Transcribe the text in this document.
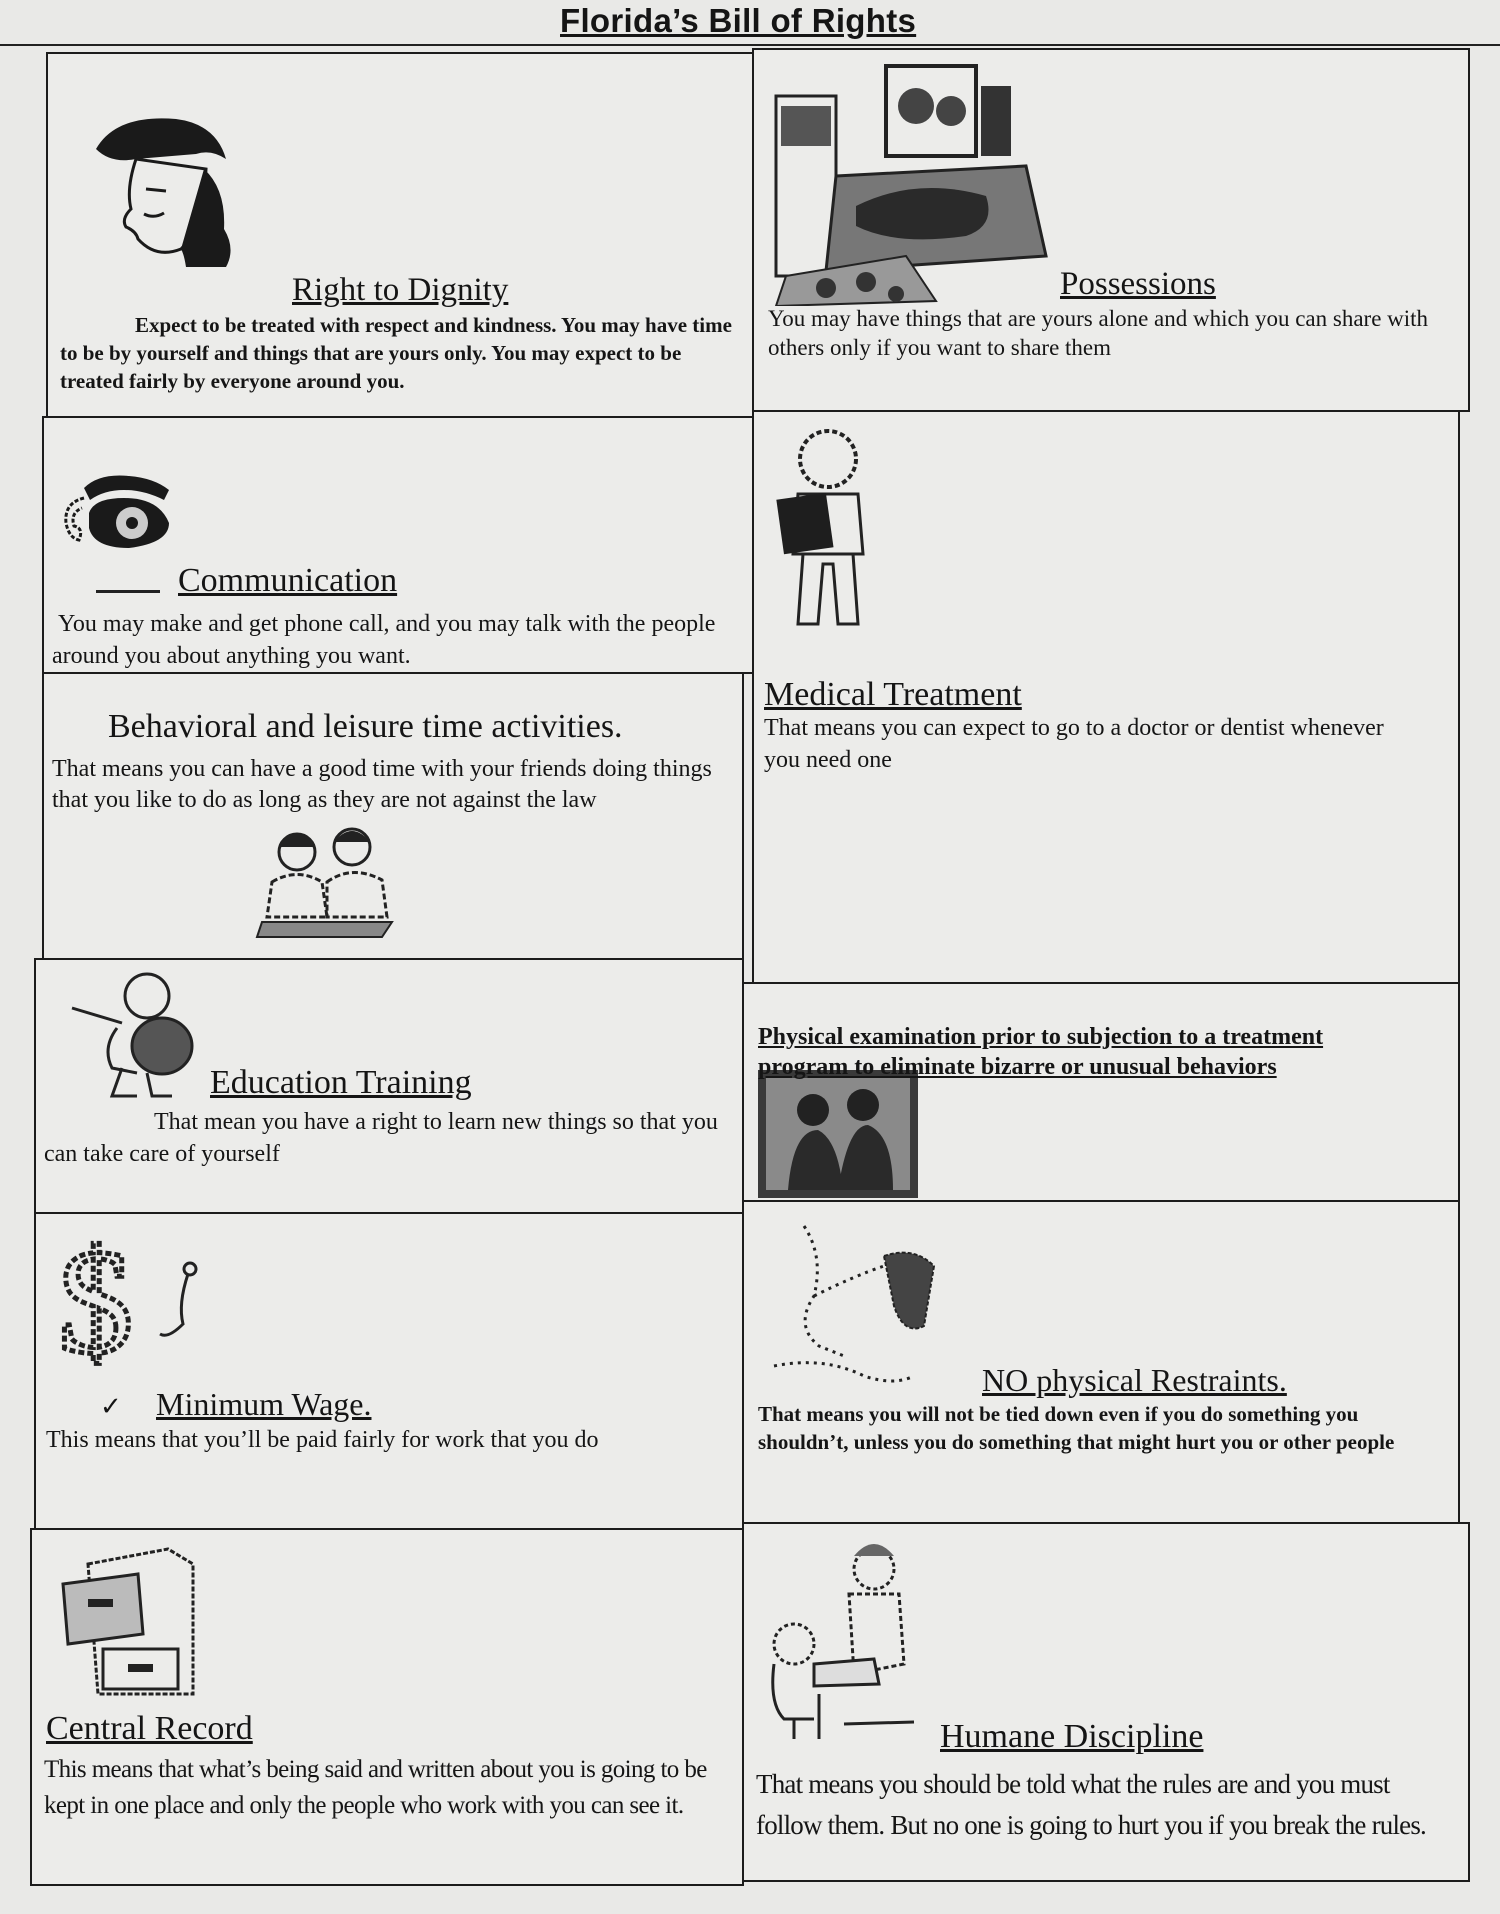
Florida’s Bill of Rights
Right to Dignity

Expect to be treated with respect and kindness. You may have time to be by yourself and things that are yours only. You may expect to be treated fairly by everyone around you.

Possessions

You may have things that are yours alone and which you can share with others only if you want to share them

Communication

You may make and get phone call, and you may talk with the people around you about anything you want.

Medical Treatment

That means you can expect to go to a doctor or dentist whenever you need one

Behavioral and leisure time activities.

That means you can have a good time with your friends doing things that you like to do as long as they are not against the law

Education Training

That mean you have a right to learn new things so that you can take care of yourself

Physical examination prior to subjection to a treatment program to eliminate bizarre or unusual behaviors
$
✓ Minimum Wage.

This means that you’ll be paid fairly for work that you do

NO physical Restraints.

That means you will not be tied down even if you do something you shouldn’t, unless you do something that might hurt you or other people

Central Record

This means that what’s being said and written about you is going to be kept in one place and only the people who work with you can see it.

Humane Discipline

That means you should be told what the rules are and you must follow them. But no one is going to hurt you if you break the rules.
